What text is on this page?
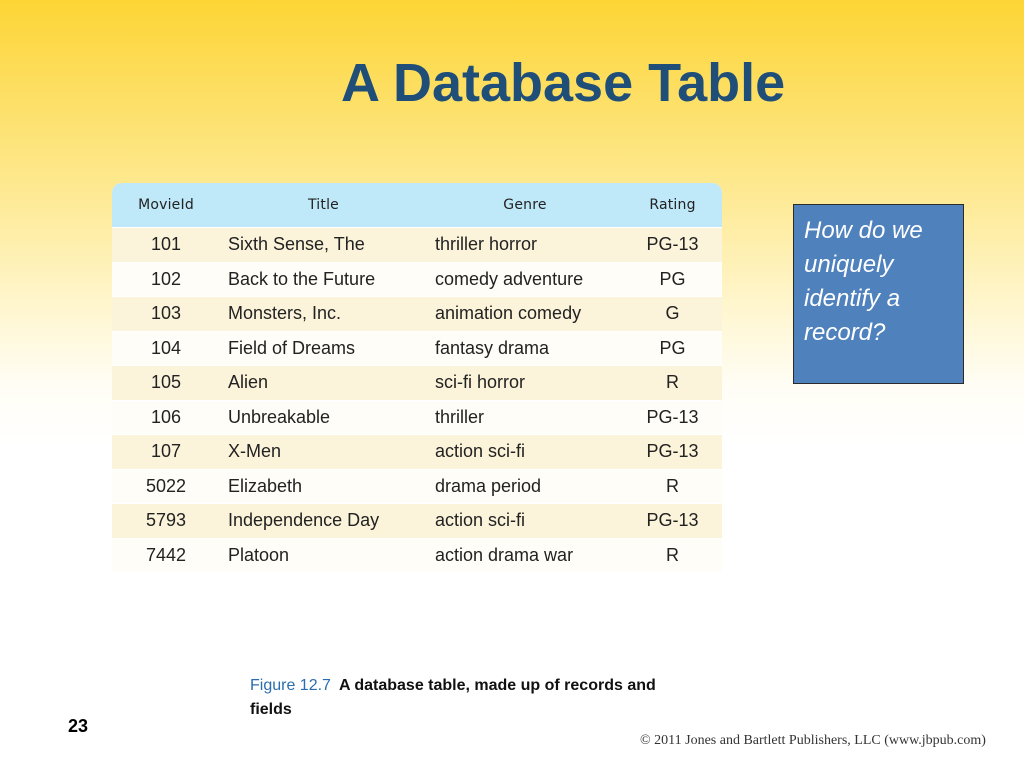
A Database Table
MovieId	Title	Genre	Rating
101	Sixth Sense, The	thriller horror	PG-13
102	Back to the Future	comedy adventure	PG
103	Monsters, Inc.	animation comedy	G
104	Field of Dreams	fantasy drama	PG
105	Alien	sci-fi horror	R
106	Unbreakable	thriller	PG-13
107	X-Men	action sci-fi	PG-13
5022	Elizabeth	drama period	R
5793	Independence Day	action sci-fi	PG-13
7442	Platoon	action drama war	R
How do we uniquely identify a record?
Figure 12.7 A database table, made up of records and fields
23
© 2011 Jones and Bartlett Publishers, LLC (www.jbpub.com)
